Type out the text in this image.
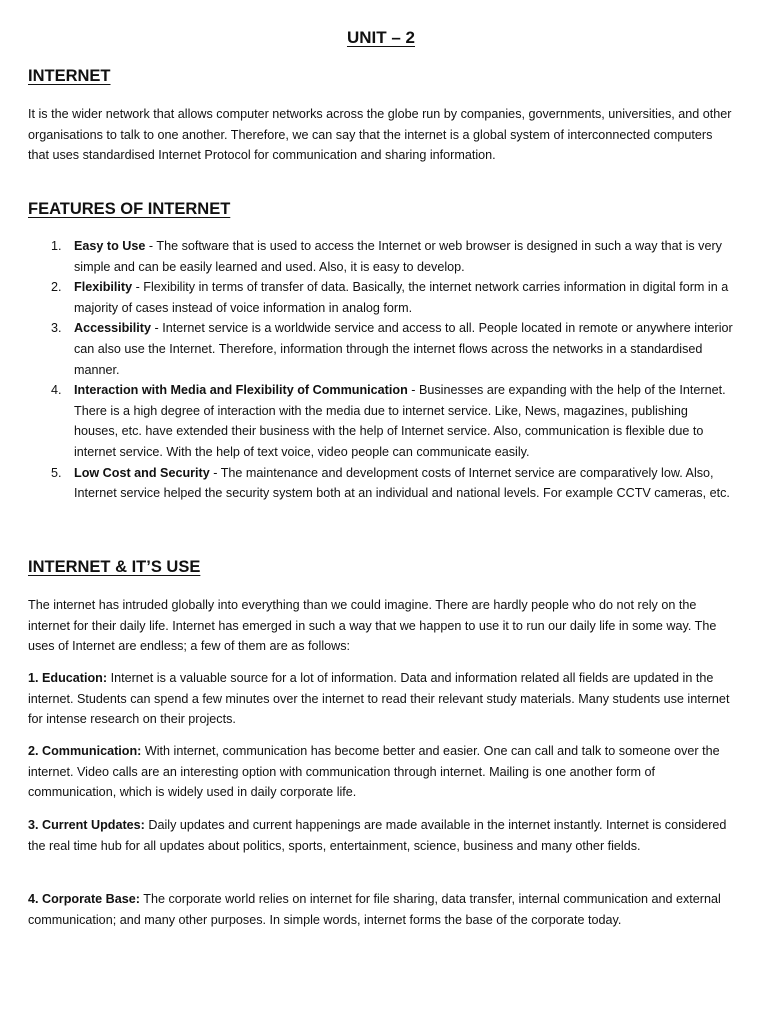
UNIT – 2
INTERNET

It is the wider network that allows computer networks across the globe run by companies, governments, universities, and other organisations to talk to one another. Therefore, we can say that the internet is a global system of interconnected computers that uses standardised Internet Protocol for communication and sharing information.

FEATURES OF INTERNET
1. Easy to Use - The software that is used to access the Internet or web browser is designed in such a way that is very simple and can be easily learned and used. Also, it is easy to develop.
2. Flexibility - Flexibility in terms of transfer of data. Basically, the internet network carries information in digital form in a majority of cases instead of voice information in analog form.
3. Accessibility - Internet service is a worldwide service and access to all. People located in remote or anywhere interior can also use the Internet. Therefore, information through the internet flows across the networks in a standardised manner.
4. Interaction with Media and Flexibility of Communication - Businesses are expanding with the help of the Internet. There is a high degree of interaction with the media due to internet service. Like, News, magazines, publishing houses, etc. have extended their business with the help of Internet service. Also, communication is flexible due to internet service. With the help of text voice, video people can communicate easily.
5. Low Cost and Security - The maintenance and development costs of Internet service are comparatively low. Also, Internet service helped the security system both at an individual and national levels. For example CCTV cameras, etc.
INTERNET & IT’S USE

The internet has intruded globally into everything than we could imagine. There are hardly people who do not rely on the internet for their daily life. Internet has emerged in such a way that we happen to use it to run our daily life in some way. The uses of Internet are endless; a few of them are as follows:

1. Education: Internet is a valuable source for a lot of information. Data and information related all fields are updated in the internet. Students can spend a few minutes over the internet to read their relevant study materials. Many students use internet for intense research on their projects.

2. Communication: With internet, communication has become better and easier. One can call and talk to someone over the internet. Video calls are an interesting option with communication through internet. Mailing is one another form of communication, which is widely used in daily corporate life.

3. Current Updates: Daily updates and current happenings are made available in the internet instantly. Internet is considered the real time hub for all updates about politics, sports, entertainment, science, business and many other fields.

4. Corporate Base: The corporate world relies on internet for file sharing, data transfer, internal communication and external communication; and many other purposes. In simple words, internet forms the base of the corporate today.
